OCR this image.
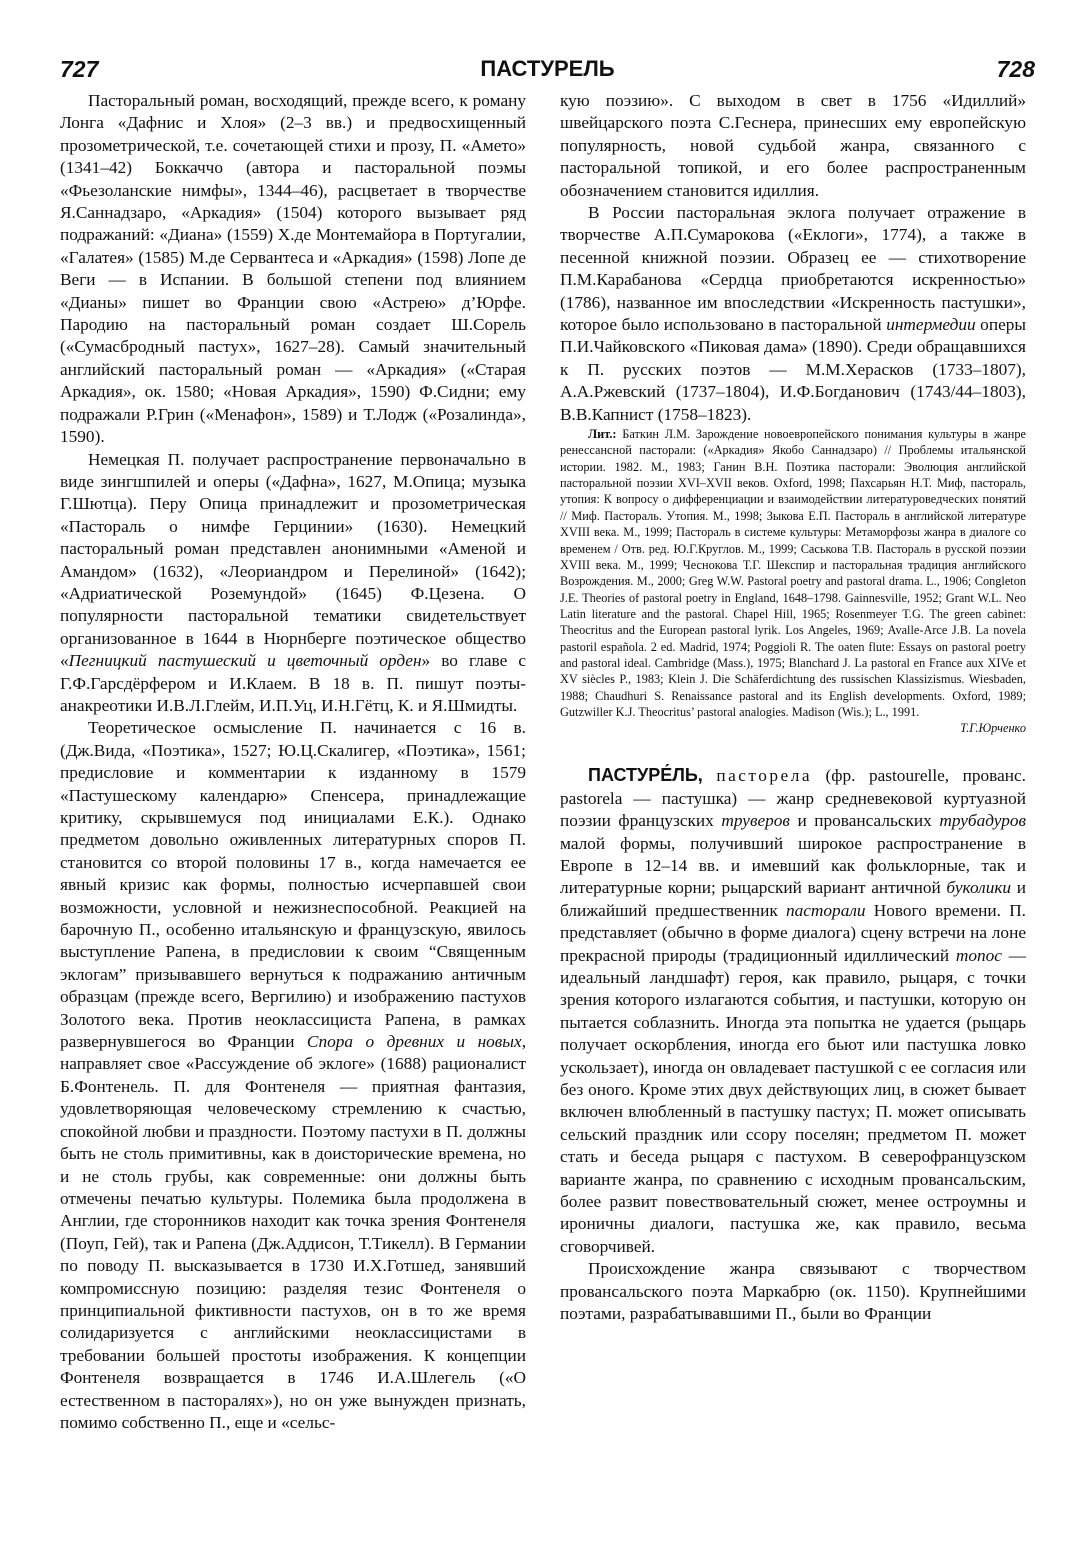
727	ПАСТУРЕЛЬ	728

Пасторальный роман, восходящий, прежде всего, к роману Лонга «Дафнис и Хлоя» (2–3 вв.) и предвосхищенный прозометрической, т.е. сочетающей стихи и прозу, П. «Амето» (1341–42) Боккаччо (автора и пасторальной поэмы «Фьезоланские нимфы», 1344–46), расцветает в творчестве Я.Саннадзаро, «Аркадия» (1504) которого вызывает ряд подражаний: «Диана» (1559) Х.де Монтемайора в Португалии, «Галатея» (1585) М.де Сервантеса и «Аркадия» (1598) Лопе де Веги — в Испании. В большой степени под влиянием «Дианы» пишет во Франции свою «Астрею» д’Юрфе. Пародию на пасторальный роман создает Ш.Сорель («Сумасбродный пастух», 1627–28). Самый значительный английский пасторальный роман — «Аркадия» («Старая Аркадия», ок. 1580; «Новая Аркадия», 1590) Ф.Сидни; ему подражали Р.Грин («Менафон», 1589) и Т.Лодж («Розалинда», 1590).

Немецкая П. получает распространение первоначально в виде зингшпилей и оперы («Дафна», 1627, М.Опица; музыка Г.Шютца). Перу Опица принадлежит и прозометрическая «Пастораль о нимфе Герцинии» (1630). Немецкий пасторальный роман представлен анонимными «Аменой и Амандом» (1632), «Леориандром и Перелиной» (1642); «Адриатической Роземундой» (1645) Ф.Цезена. О популярности пасторальной тематики свидетельствует организованное в 1644 в Нюрнберге поэтическое общество «Пегницкий пастушеский и цветочный орден» во главе с Г.Ф.Гарсдёрфером и И.Клаем. В 18 в. П. пишут поэты-анакреотики И.В.Л.Глейм, И.П.Уц, И.Н.Гётц, К. и Я.Шмидты.

Теоретическое осмысление П. начинается с 16 в. (Дж.Вида, «Поэтика», 1527; Ю.Ц.Скалигер, «Поэтика», 1561; предисловие и комментарии к изданному в 1579 «Пастушескому календарю» Спенсера, принадлежащие критику, скрывшемуся под инициалами Е.К.). Однако предметом довольно оживленных литературных споров П. становится со второй половины 17 в., когда намечается ее явный кризис как формы, полностью исчерпавшей свои возможности, условной и нежизнеспособной. Реакцией на барочную П., особенно итальянскую и французскую, явилось выступление Рапена, в предисловии к своим “Священным эклогам” призывавшего вернуться к подражанию античным образцам (прежде всего, Вергилию) и изображению пастухов Золотого века. Против неоклассициста Рапена, в рамках развернувшегося во Франции Спора о древних и новых, направляет свое «Рассуждение об эклоге» (1688) рационалист Б.Фонтенель. П. для Фонтенеля — приятная фантазия, удовлетворяющая человеческому стремлению к счастью, спокойной любви и праздности. Поэтому пастухи в П. должны быть не столь примитивны, как в доисторические времена, но и не столь грубы, как современные: они должны быть отмечены печатью культуры. Полемика была продолжена в Англии, где сторонников находит как точка зрения Фонтенеля (Поуп, Гей), так и Рапена (Дж.Аддисон, Т.Тикелл). В Германии по поводу П. высказывается в 1730 И.Х.Готшед, занявший компромиссную позицию: разделяя тезис Фонтенеля о принципиальной фиктивности пастухов, он в то же время солидаризуется с английскими неоклассицистами в требовании большей простоты изображения. К концепции Фонтенеля возвращается в 1746 И.А.Шлегель («О естественном в пасторалях»), но он уже вынужден признать, помимо собственно П., еще и «сельс-

кую поэзию». С выходом в свет в 1756 «Идиллий» швейцарского поэта С.Геснера, принесших ему европейскую популярность, новой судьбой жанра, связанного с пасторальной топикой, и его более распространенным обозначением становится идиллия.

В России пасторальная эклога получает отражение в творчестве А.П.Сумарокова («Еклоги», 1774), а также в песенной книжной поэзии. Образец ее — стихотворение П.М.Карабанова «Сердца приобретаются искренностью» (1786), названное им впоследствии «Искренность пастушки», которое было использовано в пасторальной интермедии оперы П.И.Чайковского «Пиковая дама» (1890). Среди обращавшихся к П. русских поэтов — М.М.Херасков (1733–1807), А.А.Ржевский (1737–1804), И.Ф.Богданович (1743/44–1803), В.В.Капнист (1758–1823).

Лит.: Баткин Л.М. Зарождение новоевропейского понимания культуры в жанре ренессансной пасторали: («Аркадия» Якобо Саннадзаро) // Проблемы итальянской истории. 1982. М., 1983; Ганин В.Н. Поэтика пасторали: Эволюция английской пасторальной поэзии XVI–XVII веков. Oxford, 1998; Пахсарьян Н.Т. Миф, пастораль, утопия: К вопросу о дифференциации и взаимодействии литературоведческих понятий // Миф. Пастораль. Утопия. М., 1998; Зыкова Е.П. Пастораль в английской литературе XVIII века. М., 1999; Пастораль в системе культуры: Метаморфозы жанра в диалоге со временем / Отв. ред. Ю.Г.Круглов. М., 1999; Саськова Т.В. Пастораль в русской поэзии XVIII века. М., 1999; Чеснокова Т.Г. Шекспир и пасторальная традиция английского Возрождения. М., 2000; Greg W.W. Pastoral poetry and pastoral drama. L., 1906; Congleton J.E. Theories of pastoral poetry in England, 1648–1798. Gainnesville, 1952; Grant W.L. Neo Latin literature and the pastoral. Chapel Hill, 1965; Rosenmeyer T.G. The green cabinet: Theocritus and the European pastoral lyrik. Los Angeles, 1969; Avalle-Arce J.B. La novela pastoril española. 2 ed. Madrid, 1974; Poggioli R. The oaten flute: Essays on pastoral poetry and pastoral ideal. Cambridge (Mass.), 1975; Blanchard J. La pastoral en France aux XIVe et XV siècles P., 1983; Klein J. Die Schäferdichtung des russischen Klassizismus. Wiesbaden, 1988; Chaudhuri S. Renaissance pastoral and its English developments. Oxford, 1989; Gutzwiller K.J. Theocritus’ pastoral analogies. Madison (Wis.); L., 1991.

Т.Г.Юрченко

ПАСТУРЕ́ЛЬ, пасторела (фр. pastourelle, прованс. pastorela — пастушка) — жанр средневековой куртуазной поэзии французских труверов и провансальских трубадуров малой формы, получивший широкое распространение в Европе в 12–14 вв. и имевший как фольклорные, так и литературные корни; рыцарский вариант античной буколики и ближайший предшественник пасторали Нового времени. П. представляет (обычно в форме диалога) сцену встречи на лоне прекрасной природы (традиционный идиллический топос — идеальный ландшафт) героя, как правило, рыцаря, с точки зрения которого излагаются события, и пастушки, которую он пытается соблазнить. Иногда эта попытка не удается (рыцарь получает оскорбления, иногда его бьют или пастушка ловко ускользает), иногда он овладевает пастушкой с ее согласия или без оного. Кроме этих двух действующих лиц, в сюжет бывает включен влюбленный в пастушку пастух; П. может описывать сельский праздник или ссору поселян; предметом П. может стать и беседа рыцаря с пастухом. В северофранцузском варианте жанра, по сравнению с исходным провансальским, более развит повествовательный сюжет, менее остроумны и ироничны диалоги, пастушка же, как правило, весьма сговорчивей.

Происхождение жанра связывают с творчеством провансальского поэта Маркабрю (ок. 1150). Крупнейшими поэтами, разрабатывавшими П., были во Франции
